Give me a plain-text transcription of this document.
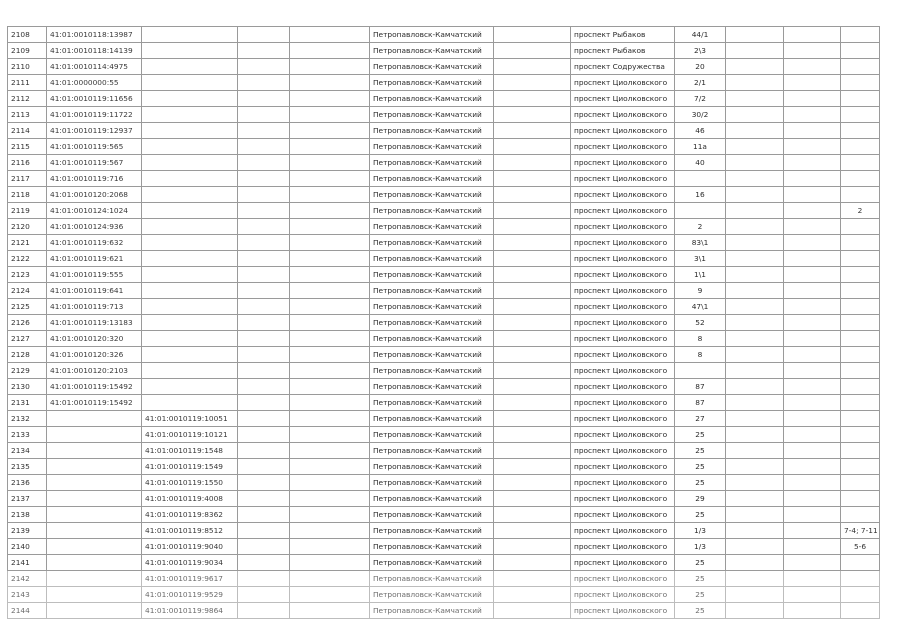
2108	41:01:0010118:13987				Петропавловск-Камчатский		проспект Рыбаков	44/1			
2109	41:01:0010118:14139				Петропавловск-Камчатский		проспект Рыбаков	2\3			
2110	41:01:0010114:4975				Петропавловск-Камчатский		проспект Содружества	20			
2111	41:01:0000000:55				Петропавловск-Камчатский		проспект Циолковского	2/1			
2112	41:01:0010119:11656				Петропавловск-Камчатский		проспект Циолковского	7/2			
2113	41:01:0010119:11722				Петропавловск-Камчатский		проспект Циолковского	30/2			
2114	41:01:0010119:12937				Петропавловск-Камчатский		проспект Циолковского	46			
2115	41:01:0010119:565				Петропавловск-Камчатский		проспект Циолковского	11а			
2116	41:01:0010119:567				Петропавловск-Камчатский		проспект Циолковского	40			
2117	41:01:0010119:716				Петропавловск-Камчатский		проспект Циолковского				
2118	41:01:0010120:2068				Петропавловск-Камчатский		проспект Циолковского	16			
2119	41:01:0010124:1024				Петропавловск-Камчатский		проспект Циолковского				2
2120	41:01:0010124:936				Петропавловск-Камчатский		проспект Циолковского	2			
2121	41:01:0010119:632				Петропавловск-Камчатский		проспект Циолковского	83\1			
2122	41:01:0010119:621				Петропавловск-Камчатский		проспект Циолковского	3\1			
2123	41:01:0010119:555				Петропавловск-Камчатский		проспект Циолковского	1\1			
2124	41:01:0010119:641				Петропавловск-Камчатский		проспект Циолковского	9			
2125	41:01:0010119:713				Петропавловск-Камчатский		проспект Циолковского	47\1			
2126	41:01:0010119:13183				Петропавловск-Камчатский		проспект Циолковского	52			
2127	41:01:0010120:320				Петропавловск-Камчатский		проспект Циолковского	8			
2128	41:01:0010120:326				Петропавловск-Камчатский		проспект Циолковского	8			
2129	41:01:0010120:2103				Петропавловск-Камчатский		проспект Циолковского				
2130	41:01:0010119:15492				Петропавловск-Камчатский		проспект Циолковского	87			
2131	41:01:0010119:15492				Петропавловск-Камчатский		проспект Циолковского	87			
2132		41:01:0010119:10051			Петропавловск-Камчатский		проспект Циолковского	27			
2133		41:01:0010119:10121			Петропавловск-Камчатский		проспект Циолковского	25			
2134		41:01:0010119:1548			Петропавловск-Камчатский		проспект Циолковского	25			
2135		41:01:0010119:1549			Петропавловск-Камчатский		проспект Циолковского	25			
2136		41:01:0010119:1550			Петропавловск-Камчатский		проспект Циолковского	25			
2137		41:01:0010119:4008			Петропавловск-Камчатский		проспект Циолковского	29			
2138		41:01:0010119:8362			Петропавловск-Камчатский		проспект Циолковского	25			
2139		41:01:0010119:8512			Петропавловск-Камчатский		проспект Циолковского	1/3			7-4; 7-11
2140		41:01:0010119:9040			Петропавловск-Камчатский		проспект Циолковского	1/3			5-6
2141		41:01:0010119:9034			Петропавловск-Камчатский		проспект Циолковского	25			
2142		41:01:0010119:9617			Петропавловск-Камчатский		проспект Циолковского	25			
2143		41:01:0010119:9529			Петропавловск-Камчатский		проспект Циолковского	25			
2144		41:01:0010119:9864			Петропавловск-Камчатский		проспект Циолковского	25			
